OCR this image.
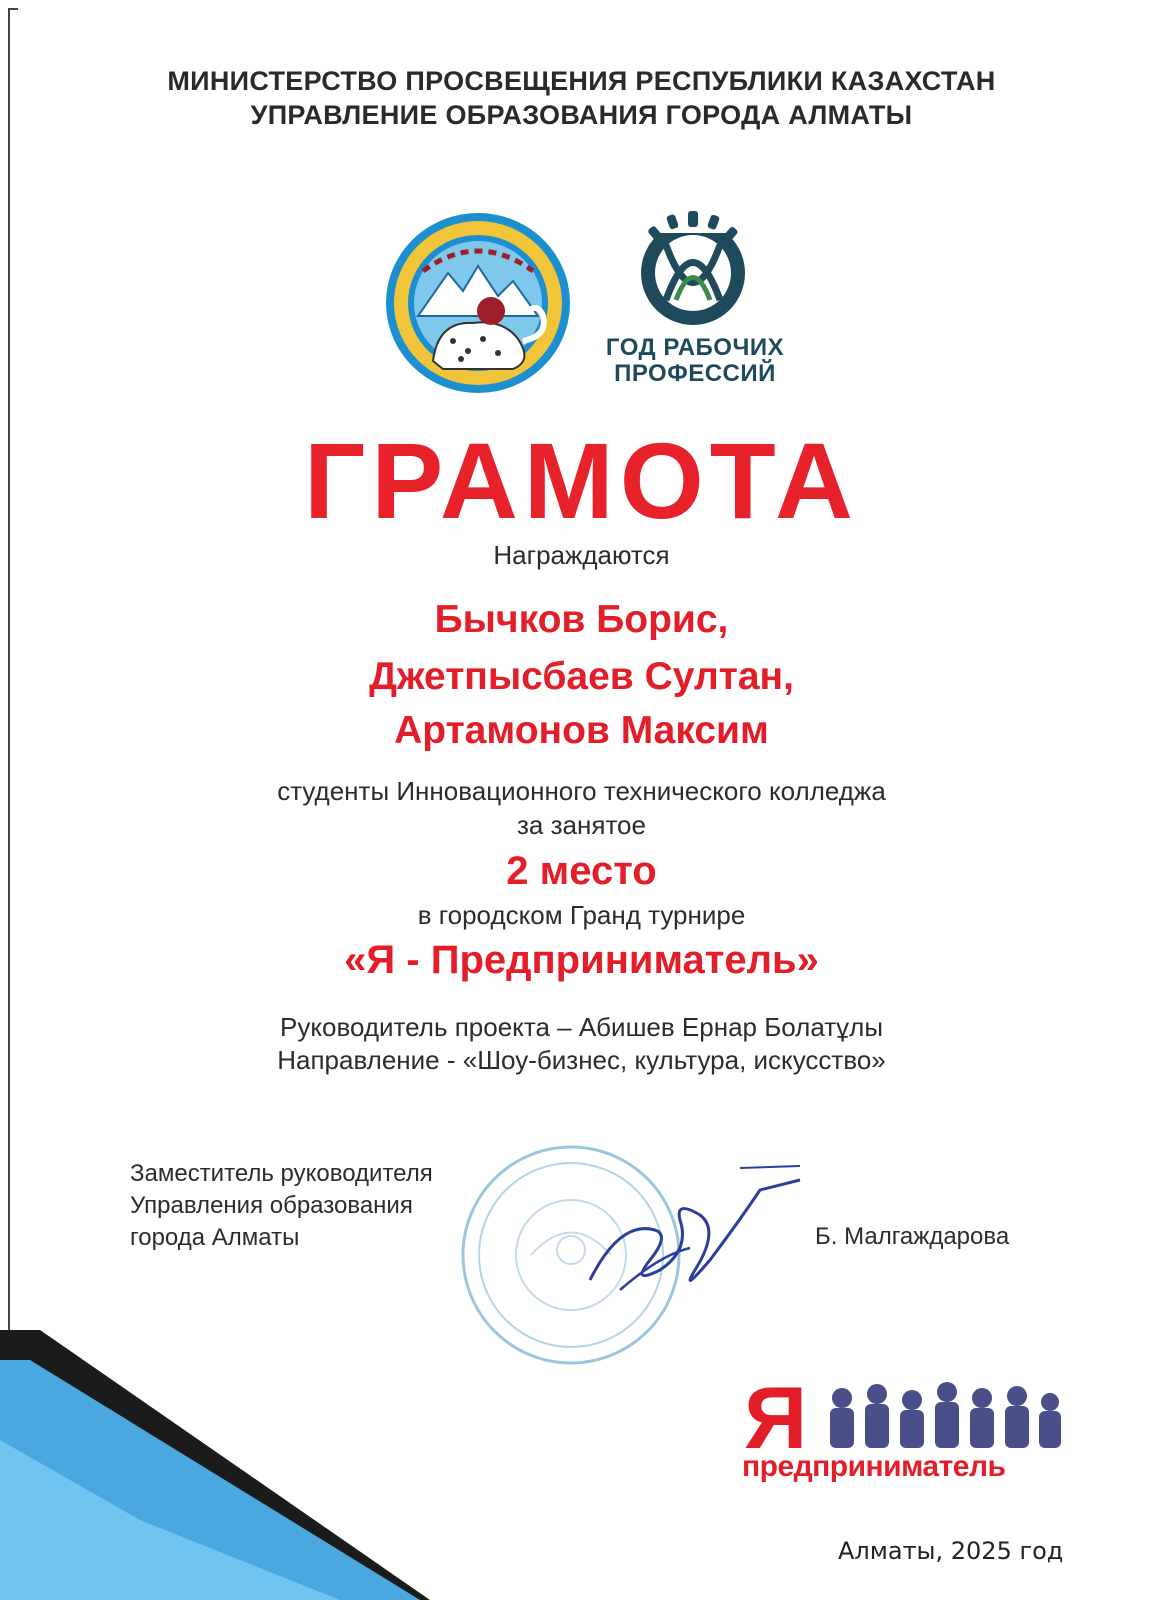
МИНИСТЕРСТВО ПРОСВЕЩЕНИЯ РЕСПУБЛИКИ КАЗАХСТАН
УПРАВЛЕНИЕ ОБРАЗОВАНИЯ ГОРОДА АЛМАТЫ
ГОД РАБОЧИХ
ПРОФЕССИЙ
ГРАМОТА
Награждаются
Бычков Борис,
Джетпысбаев Султан,
Артамонов Максим
студенты Инновационного технического колледжа
за занятое
2 место
в городском Гранд турнире
«Я - Предприниматель»
Руководитель проекта – Абишев Ернар Болатұлы
Направление - «Шоу-бизнес, культура, искусство»
Заместитель руководителя
Управления образования
города Алматы	Б. Малгаждарова
Я
предприниматель
Алматы, 2025 год
